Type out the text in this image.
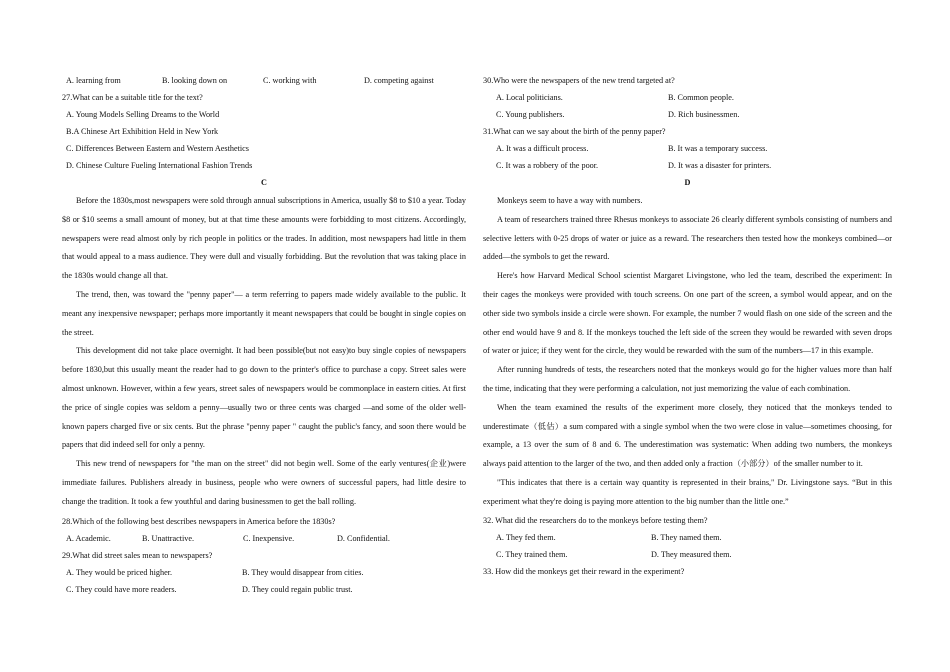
A. learning from	B. looking down on	C. working with	D. competing against
27.What can be a suitable title for the text?
A. Young Models Selling Dreams to the World
B.A Chinese Art Exhibition Held in New York
C. Differences Between Eastern and Western Aesthetics
D. Chinese Culture Fueling International Fashion Trends
C

Before the 1830s,most newspapers were sold through annual subscriptions in America, usually $8 to $10 a year. Today $8 or $10 seems a small amount of money, but at that time these amounts were forbidding to most citizens. Accordingly, newspapers were read almost only by rich people in politics or the trades. In addition, most newspapers had little in them that would appeal to a mass audience. They were dull and visually forbidding. But the revolution that was taking place in the 1830s would change all that.

The trend, then, was toward the "penny paper"— a term referring to papers made widely available to the public. It meant any inexpensive newspaper; perhaps more importantly it meant newspapers that could be bought in single copies on the street.

This development did not take place overnight. It had been possible(but not easy)to buy single copies of newspapers before 1830,but this usually meant the reader had to go down to the printer's office to purchase a copy. Street sales were almost unknown. However, within a few years, street sales of newspapers would be commonplace in eastern cities. At first the price of single copies was seldom a penny—usually two or three cents was charged —and some of the older well-known papers charged five or six cents. But the phrase "penny paper " caught the public's fancy, and soon there would be papers that did indeed sell for only a penny.

This new trend of newspapers for "the man on the street" did not begin well. Some of the early ventures(企业)were immediate failures. Publishers already in business, people who were owners of successful papers, had little desire to change the tradition. It took a few youthful and daring businessmen to get the ball rolling.

28.Which of the following best describes newspapers in America before the 1830s?
A. Academic.	B. Unattractive.	C. Inexpensive.	D. Confidential.
29.What did street sales mean to newspapers?
A. They would be priced higher.	B. They would disappear from cities.
C. They could have more readers.	D. They could regain public trust.
30.Who were the newspapers of the new trend targeted at?
A. Local politicians.	B. Common people.
C. Young publishers.	D. Rich businessmen.
31.What can we say about the birth of the penny paper?
A. It was a difficult process.	B. It was a temporary success.
C. It was a robbery of the poor.	D. It was a disaster for printers.
D

Monkeys seem to have a way with numbers.

A team of researchers trained three Rhesus monkeys to associate 26 clearly different symbols consisting of numbers and selective letters with 0-25 drops of water or juice as a reward. The researchers then tested how the monkeys combined—or added—the symbols to get the reward.

Here's how Harvard Medical School scientist Margaret Livingstone, who led the team, described the experiment: In their cages the monkeys were provided with touch screens. On one part of the screen, a symbol would appear, and on the other side two symbols inside a circle were shown. For example, the number 7 would flash on one side of the screen and the other end would have 9 and 8. If the monkeys touched the left side of the screen they would be rewarded with seven drops of water or juice; if they went for the circle, they would be rewarded with the sum of the numbers—17 in this example.

After running hundreds of tests, the researchers noted that the monkeys would go for the higher values more than half the time, indicating that they were performing a calculation, not just memorizing the value of each combination.

When the team examined the results of the experiment more closely, they noticed that the monkeys tended to underestimate（低估）a sum compared with a single symbol when the two were close in value—sometimes choosing, for example, a 13 over the sum of 8 and 6. The underestimation was systematic: When adding two numbers, the monkeys always paid attention to the larger of the two, and then added only a fraction（小部分）of the smaller number to it.

"This indicates that there is a certain way quantity is represented in their brains," Dr. Livingstone says. “But in this experiment what they're doing is paying more attention to the big number than the little one.”

32. What did the researchers do to the monkeys before testing them?
A. They fed them.	B. They named them.
C. They trained them.	D. They measured them.
33. How did the monkeys get their reward in the experiment?
